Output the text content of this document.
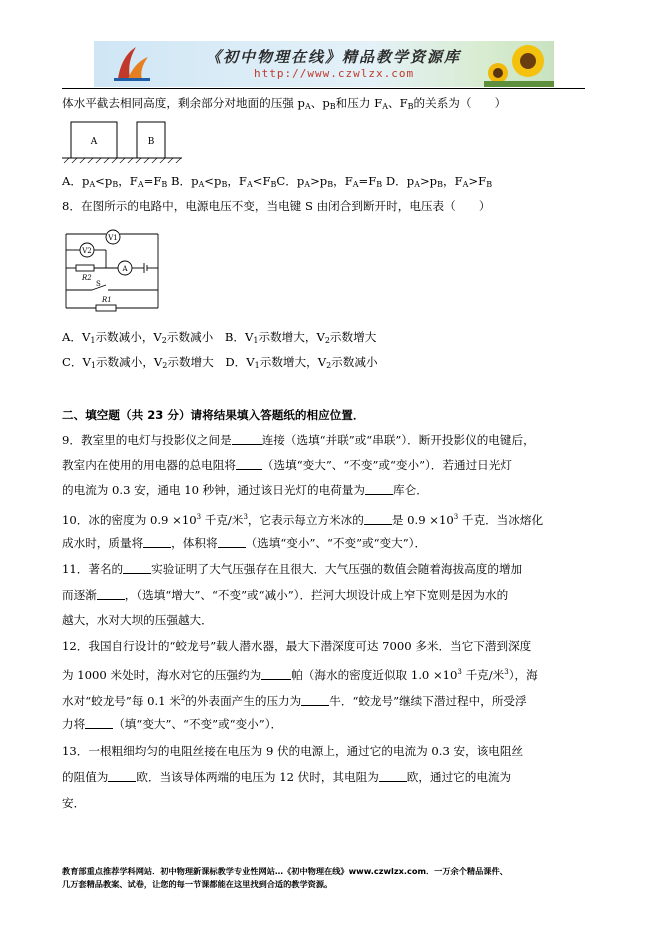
《初中物理在线》精品教学资源库
http://www.czwlzx.com
体水平截去相同高度，剩余部分对地面的压强 $p_A$、$p_B$和压力 $F_A$、$F_B$的关系为（　　）
A	B
A．$p_A<p_B$，$F_A=F_B$ B．$p_A<p_B$，$F_A<F_BC$．$p_A>p_B$，$F_A=F_B$ D．$p_A>p_B$，$F_A>F_B$
8．在图所示的电路中，电源电压不变，当电键 S 由闭合到断开时，电压表（　　）
V1
V2
A
R2
S
R1
A．$V_1$示数减小，$V_2$示数减小　 B．$V_1$示数增大，$V_2$示数增大
C．$V_1$示数减小，$V_2$示数增大　 D．$V_1$示数增大，$V_2$示数减小
二、填空题（共 23 分）请将结果填入答题纸的相应位置．
9．教室里的电灯与投影仪之间是	连接（选填“并联”或“串联”）．断开投影仪的电键后，
教室内在使用的用电器的总电阻将 （选填“变大”、“不变”或“变小”）．若通过日光灯
的电流为 0.3 安，通电 10 秒钟，通过该日光灯的电荷量为 库仑．
10．冰的密度为 $0.9 \times 10^3$ 千克/米$^3$，它表示每立方米冰的 是 $0.9 \times 10^3$ 千克．当冰熔化
成水时，质量将 ，体积将 （选填“变小”、“不变”或“变大”）．
11．著名的 实验证明了大气压强存在且很大．大气压强的数值会随着海拔高度的增加
而逐渐 ，（选填“增大”、“不变”或“减小”）．拦河大坝设计成上窄下宽则是因为水的
越大，水对大坝的压强越大．
12．我国自行设计的“蛟龙号”载人潜水器，最大下潜深度可达 7000 多米．当它下潜到深度
为 1000 米处时，海水对它的压强约为	帕（海水的密度近似取 $1.0 \times 10^3$ 千克/米$^3$），海
水对“蛟龙号”每 0.1 米$^2$的外表面产生的压力为 牛．“蛟龙号”继续下潜过程中，所受浮
力将 （填“变大”、“不变”或“变小”）．
13．一根粗细均匀的电阻丝接在电压为 9 伏的电源上，通过它的电流为 0.3 安，该电阻丝
的阻值为 欧．当该导体两端的电压为 12 伏时，其电阻为 欧，通过它的电流为
安．
教育部重点推荐学科网站．初中物理新课标教学专业性网站…《初中物理在线》www.czwlzx.com．一万余个精品课件、
几万套精品教案、试卷，让您的每一节课都能在这里找到合适的教学资源。
